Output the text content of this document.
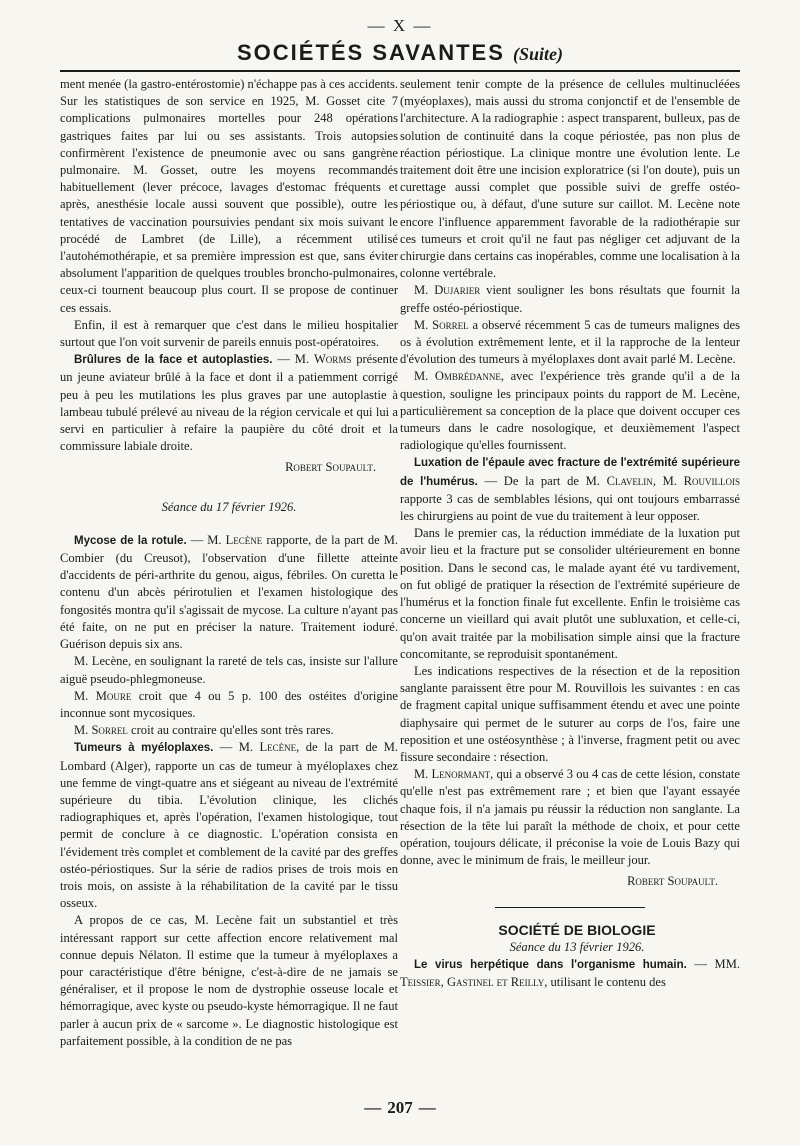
— X —
SOCIÉTÉS SAVANTES (Suite)

ment menée (la gastro-entérostomie) n'échappe pas à ces accidents. Sur les statistiques de son service en 1925, M. Gosset cite 7 complications pulmonaires mortelles pour 248 opérations gastriques faites par lui ou ses assistants. Trois autopsies confirmèrent l'existence de pneumonie avec ou sans gangrène pulmonaire. M. Gosset, outre les moyens recommandés habituellement (lever précoce, lavages d'estomac fréquents et après, anesthésie locale aussi souvent que possible), outre les tentatives de vaccination poursuivies pendant six mois suivant le procédé de Lambret (de Lille), a récemment utilisé l'autohémothérapie, et sa première impression est que, sans éviter absolument l'apparition de quelques troubles broncho-pulmonaires, ceux-ci tournent beaucoup plus court. Il se propose de continuer ces essais.

Enfin, il est à remarquer que c'est dans le milieu hospitalier surtout que l'on voit survenir de pareils ennuis post-opératoires.

Brûlures de la face et autoplasties. — M. Worms présente un jeune aviateur brûlé à la face et dont il a patiemment corrigé peu à peu les mutilations les plus graves par une autoplastie à lambeau tubulé prélevé au niveau de la région cervicale et qui lui a servi en particulier à refaire la paupière du côté droit et la commissure labiale droite.

Robert Soupault.

Séance du 17 février 1926.

Mycose de la rotule. — M. Lecène rapporte, de la part de M. Combier (du Creusot), l'observation d'une fillette atteinte d'accidents de péri-arthrite du genou, aigus, fébriles. On curetta le contenu d'un abcès périrotulien et l'examen histologique des fongosités montra qu'il s'agissait de mycose. La culture n'ayant pas été faite, on ne put en préciser la nature. Traitement ioduré. Guérison depuis six ans.

M. Lecène, en soulignant la rareté de tels cas, insiste sur l'allure aiguë pseudo-phlegmoneuse.

M. Moure croit que 4 ou 5 p. 100 des ostéites d'origine inconnue sont mycosiques.

M. Sorrel croit au contraire qu'elles sont très rares.

Tumeurs à myéloplaxes. — M. Lecène, de la part de M. Lombard (Alger), rapporte un cas de tumeur à myéloplaxes chez une femme de vingt-quatre ans et siégeant au niveau de l'extrémité supérieure du tibia. L'évolution clinique, les clichés radiographiques et, après l'opération, l'examen histologique, tout permit de conclure à ce diagnostic. L'opération consista en l'évidement très complet et comblement de la cavité par des greffes ostéo-périostiques. Sur la série de radios prises de trois mois en trois mois, on assiste à la réhabilitation de la cavité par le tissu osseux.

A propos de ce cas, M. Lecène fait un substantiel et très intéressant rapport sur cette affection encore relativement mal connue depuis Nélaton. Il estime que la tumeur à myéloplaxes a pour caractéristique d'être bénigne, c'est-à-dire de ne jamais se généraliser, et il propose le nom de dystrophie osseuse locale et hémorragique, avec kyste ou pseudo-kyste hémorragique. Il ne faut parler à aucun prix de « sarcome ». Le diagnostic histologique est parfaitement possible, à la condition de ne pas

seulement tenir compte de la présence de cellules multinucléées (myéoplaxes), mais aussi du stroma conjonctif et de l'ensemble de l'architecture. A la radiographie : aspect transparent, bulleux, pas de solution de continuité dans la coque périostée, pas non plus de réaction périostique. La clinique montre une évolution lente. Le traitement doit être une incision exploratrice (si l'on doute), puis un curettage aussi complet que possible suivi de greffe ostéo-périostique ou, à défaut, d'une suture sur caillot. M. Lecène note encore l'influence apparemment favorable de la radiothérapie sur ces tumeurs et croit qu'il ne faut pas négliger cet adjuvant de la chirurgie dans certains cas inopérables, comme une localisation à la colonne vertébrale.

M. Dujarier vient souligner les bons résultats que fournit la greffe ostéo-périostique.

M. Sorrel a observé récemment 5 cas de tumeurs malignes des os à évolution extrêmement lente, et il la rapproche de la lenteur d'évolution des tumeurs à myéloplaxes dont avait parlé M. Lecène.

M. Ombrédanne, avec l'expérience très grande qu'il a de la question, souligne les principaux points du rapport de M. Lecène, particulièrement sa conception de la place que doivent occuper ces tumeurs dans le cadre nosologique, et deuxièmement l'aspect radiologique qu'elles fournissent.

Luxation de l'épaule avec fracture de l'extrémité supérieure de l'humérus. — De la part de M. Clavelin, M. Rouvillois rapporte 3 cas de semblables lésions, qui ont toujours embarrassé les chirurgiens au point de vue du traitement à leur opposer.

Dans le premier cas, la réduction immédiate de la luxation put avoir lieu et la fracture put se consolider ultérieurement en bonne position. Dans le second cas, le malade ayant été vu tardivement, on fut obligé de pratiquer la résection de l'extrémité supérieure de l'humérus et la fonction finale fut excellente. Enfin le troisième cas concerne un vieillard qui avait plutôt une subluxation, et celle-ci, qu'on avait traitée par la mobilisation simple ainsi que la fracture concomitante, se reproduisit spontanément.

Les indications respectives de la résection et de la reposition sanglante paraissent être pour M. Rouvillois les suivantes : en cas de fragment capital unique suffisamment étendu et avec une pointe diaphysaire qui permet de le suturer au corps de l'os, faire une reposition et une ostéosynthèse ; à l'inverse, fragment petit ou avec fissure secondaire : résection.

M. Lenormant, qui a observé 3 ou 4 cas de cette lésion, constate qu'elle n'est pas extrêmement rare ; et bien que l'ayant essayée chaque fois, il n'a jamais pu réussir la réduction non sanglante. La résection de la tête lui paraît la méthode de choix, et pour cette opération, toujours délicate, il préconise la voie de Louis Bazy qui donne, avec le minimum de frais, le meilleur jour.

Robert Soupault.

SOCIÉTÉ DE BIOLOGIE

Séance du 13 février 1926.

Le virus herpétique dans l'organisme humain. — MM. Teissier, Gastinel et Reilly, utilisant le contenu des

— 207 —
